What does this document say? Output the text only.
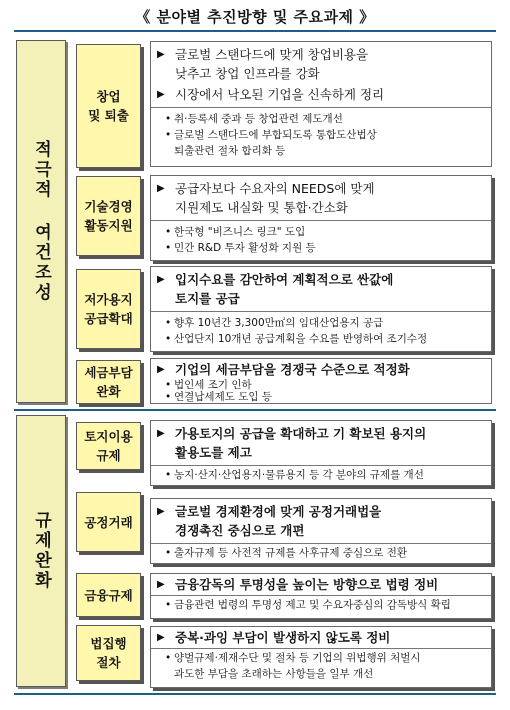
《 분야별 추진방향 및 주요과제 》
적극적 여건조성
규제완화
창업
및 퇴출
▶ 글로벌 스탠다드에 맞게 창업비용을
낮추고 창업 인프라를 강화
▶ 시장에서 낙오된 기업을 신속하게 정리
• 취·등록세 중과 등 창업관련 제도개선
• 글로벌 스탠다드에 부합되도록 통합도산법상
퇴출관련 절차 합리화 등
기술경영
활동지원
▶ 공급자보다 수요자의 NEEDS에 맞게
지원제도 내실화 및 통합·간소화
• 한국형 "비즈니스 링크" 도입
• 민간 R&D 투자 활성화 지원 등
저가용지
공급확대
▶ 입지수요를 감안하여 계획적으로 싼값에
토지를 공급
• 향후 10년간 3,300만㎡의 임대산업용지 공급
• 산업단지 10개년 공급계획을 수요를 반영하여 조기수정
세금부담
완화
▶ 기업의 세금부담을 경쟁국 수준으로 적정화
• 법인세 조기 인하
• 연결납세제도 도입 등
토지이용
규제
▶ 가용토지의 공급을 확대하고 기 확보된 용지의
활용도를 제고
• 농지·산지·산업용지·물류용지 등 각 분야의 규제를 개선
공정거래
▶ 글로벌 경제환경에 맞게 공정거래법을
경쟁촉진 중심으로 개편
• 출자규제 등 사전적 규제를 사후규제 중심으로 전환
금융규제
▶ 금융감독의 투명성을 높이는 방향으로 법령 정비
• 금융관련 법령의 투명성 제고 및 수요자중심의 감독방식 확립
법집행
절차
▶ 중복·과잉 부담이 발생하지 않도록 정비
• 양벌규제·제재수단 및 절차 등 기업의 위법행위 처벌시
과도한 부담을 초래하는 사항들을 일부 개선
